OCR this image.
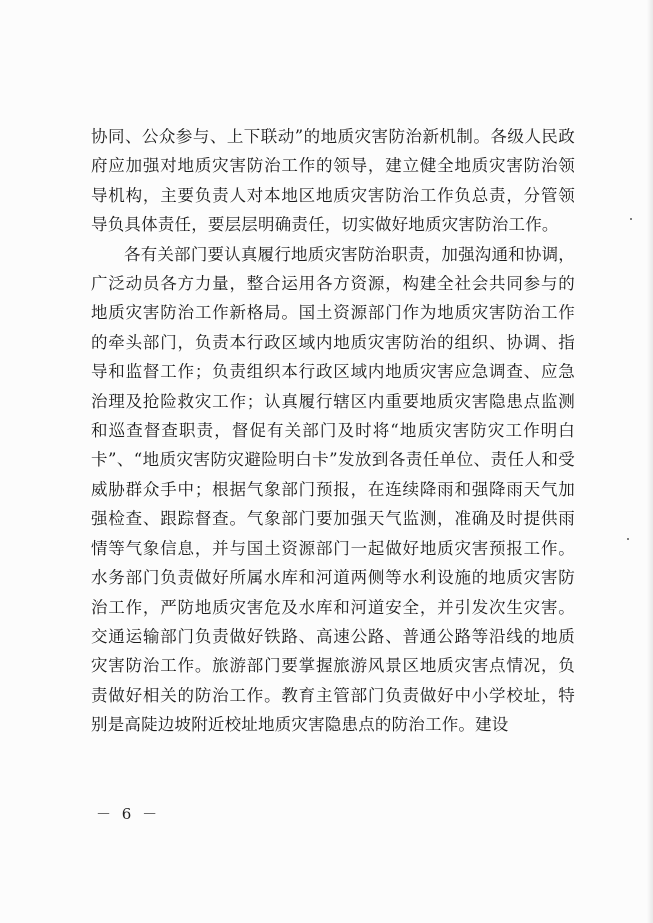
协同、公众参与、上下联动”的地质灾害防治新机制。各级人民政府应加强对地质灾害防治工作的领导，建立健全地质灾害防治领导机构，主要负责人对本地区地质灾害防治工作负总责，分管领导负具体责任，要层层明确责任，切实做好地质灾害防治工作。

各有关部门要认真履行地质灾害防治职责，加强沟通和协调，广泛动员各方力量，整合运用各方资源，构建全社会共同参与的地质灾害防治工作新格局。国土资源部门作为地质灾害防治工作的牵头部门，负责本行政区域内地质灾害防治的组织、协调、指导和监督工作；负责组织本行政区域内地质灾害应急调查、应急治理及抢险救灾工作；认真履行辖区内重要地质灾害隐患点监测和巡查督查职责，督促有关部门及时将“地质灾害防灾工作明白卡”、“地质灾害防灾避险明白卡”发放到各责任单位、责任人和受威胁群众手中；根据气象部门预报，在连续降雨和强降雨天气加强检查、跟踪督查。气象部门要加强天气监测，准确及时提供雨情等气象信息，并与国土资源部门一起做好地质灾害预报工作。水务部门负责做好所属水库和河道两侧等水利设施的地质灾害防治工作，严防地质灾害危及水库和河道安全，并引发次生灾害。交通运输部门负责做好铁路、高速公路、普通公路等沿线的地质灾害防治工作。旅游部门要掌握旅游风景区地质灾害点情况，负责做好相关的防治工作。教育主管部门负责做好中小学校址，特别是高陡边坡附近校址地质灾害隐患点的防治工作。建设

－ 6 －
